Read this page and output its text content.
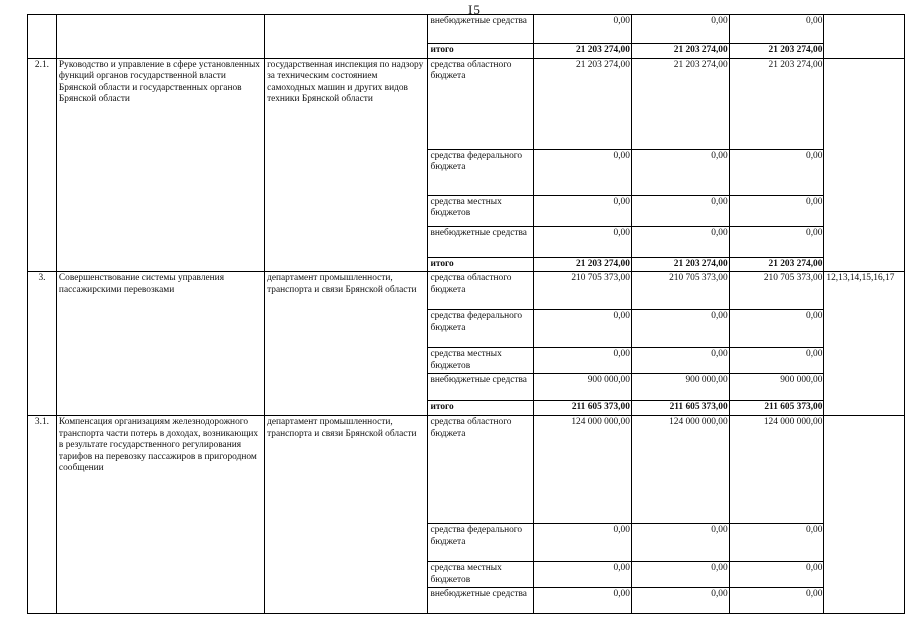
I5
			внебюджетные средства	0,00	0,00	0,00	
			итого	21 203 274,00	21 203 274,00	21 203 274,00	
2.1.	Руководство и управление в сфере установленных функций органов государственной власти Брянской области и государственных органов Брянской области	государственная инспекция по надзору за техническим состоянием самоходных машин и других видов техники Брянской области	средства областного бюджета	21 203 274,00	21 203 274,00	21 203 274,00	
			средства федерального бюджета	0,00	0,00	0,00	
			средства местных бюджетов	0,00	0,00	0,00	
			внебюджетные средства	0,00	0,00	0,00	
			итого	21 203 274,00	21 203 274,00	21 203 274,00	
3.	Совершенствование системы управления пассажирскими перевозками	департамент промышленности, транспорта и связи Брянской области	средства областного бюджета	210 705 373,00	210 705 373,00	210 705 373,00	12,13,14,15,16,17
			средства федерального бюджета	0,00	0,00	0,00	
			средства местных бюджетов	0,00	0,00	0,00	
			внебюджетные средства	900 000,00	900 000,00	900 000,00	
			итого	211 605 373,00	211 605 373,00	211 605 373,00	
3.1.	Компенсация организациям железнодорожного транспорта части потерь в доходах, возникающих в результате государственного регулирования тарифов на перевозку пассажиров в пригородном сообщении	департамент промышленности, транспорта и связи Брянской области	средства областного бюджета	124 000 000,00	124 000 000,00	124 000 000,00	
			средства федерального бюджета	0,00	0,00	0,00	
			средства местных бюджетов	0,00	0,00	0,00	
			внебюджетные средства	0,00	0,00	0,00	
